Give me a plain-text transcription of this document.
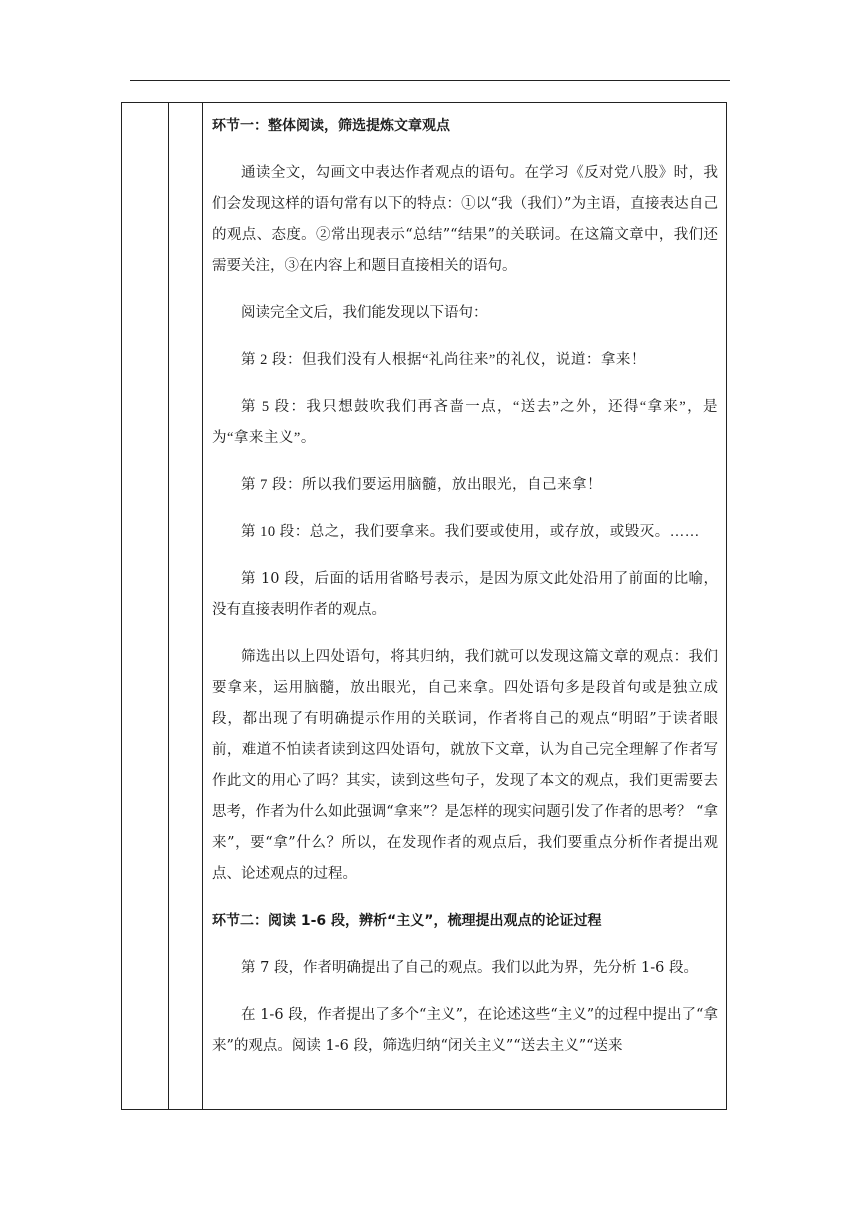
环节一：整体阅读，筛选提炼文章观点

通读全文，勾画文中表达作者观点的语句。在学习《反对党八股》时，我们会发现这样的语句常有以下的特点：①以“我（我们）”为主语，直接表达自己的观点、态度。②常出现表示“总结”“结果”的关联词。在这篇文章中，我们还需要关注，③在内容上和题目直接相关的语句。

阅读完全文后，我们能发现以下语句：

第 2 段：但我们没有人根据“礼尚往来”的礼仪，说道：拿来！

第 5 段：我只想鼓吹我们再吝啬一点，“送去”之外，还得“拿来”，是为“拿来主义”。

第 7 段：所以我们要运用脑髓，放出眼光，自己来拿！

第 10 段：总之，我们要拿来。我们要或使用，或存放，或毁灭。……

第 10 段，后面的话用省略号表示，是因为原文此处沿用了前面的比喻，没有直接表明作者的观点。

筛选出以上四处语句，将其归纳，我们就可以发现这篇文章的观点：我们要拿来，运用脑髓，放出眼光，自己来拿。四处语句多是段首句或是独立成段，都出现了有明确提示作用的关联词，作者将自己的观点“明昭”于读者眼前，难道不怕读者读到这四处语句，就放下文章，认为自己完全理解了作者写作此文的用心了吗？其实，读到这些句子，发现了本文的观点，我们更需要去思考，作者为什么如此强调“拿来”？是怎样的现实问题引发了作者的思考？ “拿来”，要“拿”什么？所以，在发现作者的观点后，我们要重点分析作者提出观点、论述观点的过程。

环节二：阅读 1-6 段，辨析“主义”，梳理提出观点的论证过程

第 7 段，作者明确提出了自己的观点。我们以此为界，先分析 1-6 段。

在 1-6 段，作者提出了多个“主义”，在论述这些“主义”的过程中提出了“拿来”的观点。阅读 1-6 段，筛选归纳“闭关主义”“送去主义”“送来
